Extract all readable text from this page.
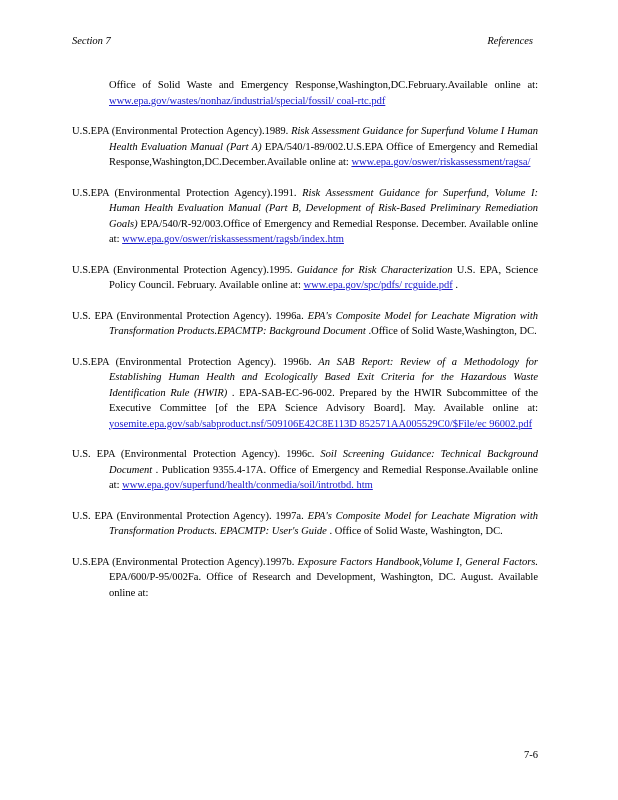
Section 7	References

Office of Solid Waste and Emergency Response,Washington,DC.February.Available online at: www.epa.gov/wastes/nonhaz/industrial/special/fossil/ coal-rtc.pdf

U.S.EPA (Environmental Protection Agency).1989. Risk Assessment Guidance for Superfund Volume I Human Health Evaluation Manual (Part A) EPA/540/1-89/002.U.S.EPA Office of Emergency and Remedial Response,Washington,DC.December.Available online at: www.epa.gov/oswer/riskassessment/ragsa/

U.S.EPA (Environmental Protection Agency).1991. Risk Assessment Guidance for Superfund, Volume I: Human Health Evaluation Manual (Part B, Development of Risk-Based Preliminary Remediation Goals) EPA/540/R-92/003.Office of Emergency and Remedial Response. December. Available online at: www.epa.gov/oswer/riskassessment/ragsb/index.htm

U.S.EPA (Environmental Protection Agency).1995. Guidance for Risk Characterization U.S. EPA, Science Policy Council. February. Available online at: www.epa.gov/spc/pdfs/ rcguide.pdf .

U.S. EPA (Environmental Protection Agency). 1996a. EPA's Composite Model for Leachate Migration with Transformation Products.EPACMTP: Background Document .Office of Solid Waste,Washington, DC.

U.S.EPA (Environmental Protection Agency). 1996b. An SAB Report: Review of a Methodology for Establishing Human Health and Ecologically Based Exit Criteria for the Hazardous Waste Identification Rule (HWIR) . EPA-SAB-EC-96-002. Prepared by the HWIR Subcommittee of the Executive Committee [of the EPA Science Advisory Board]. May. Available online at: yosemite.epa.gov/sab/sabproduct.nsf/509106E42C8E113D 852571AA005529C0/$File/ec 96002.pdf

U.S. EPA (Environmental Protection Agency). 1996c. Soil Screening Guidance: Technical Background Document . Publication 9355.4-17A. Office of Emergency and Remedial Response.Available online at: www.epa.gov/superfund/health/conmedia/soil/introtbd. htm

U.S. EPA (Environmental Protection Agency). 1997a. EPA's Composite Model for Leachate Migration with Transformation Products. EPACMTP: User's Guide . Office of Solid Waste, Washington, DC.

U.S.EPA (Environmental Protection Agency).1997b. Exposure Factors Handbook,Volume I, General Factors. EPA/600/P-95/002Fa. Office of Research and Development, Washington, DC. August. Available online at:

7-6
